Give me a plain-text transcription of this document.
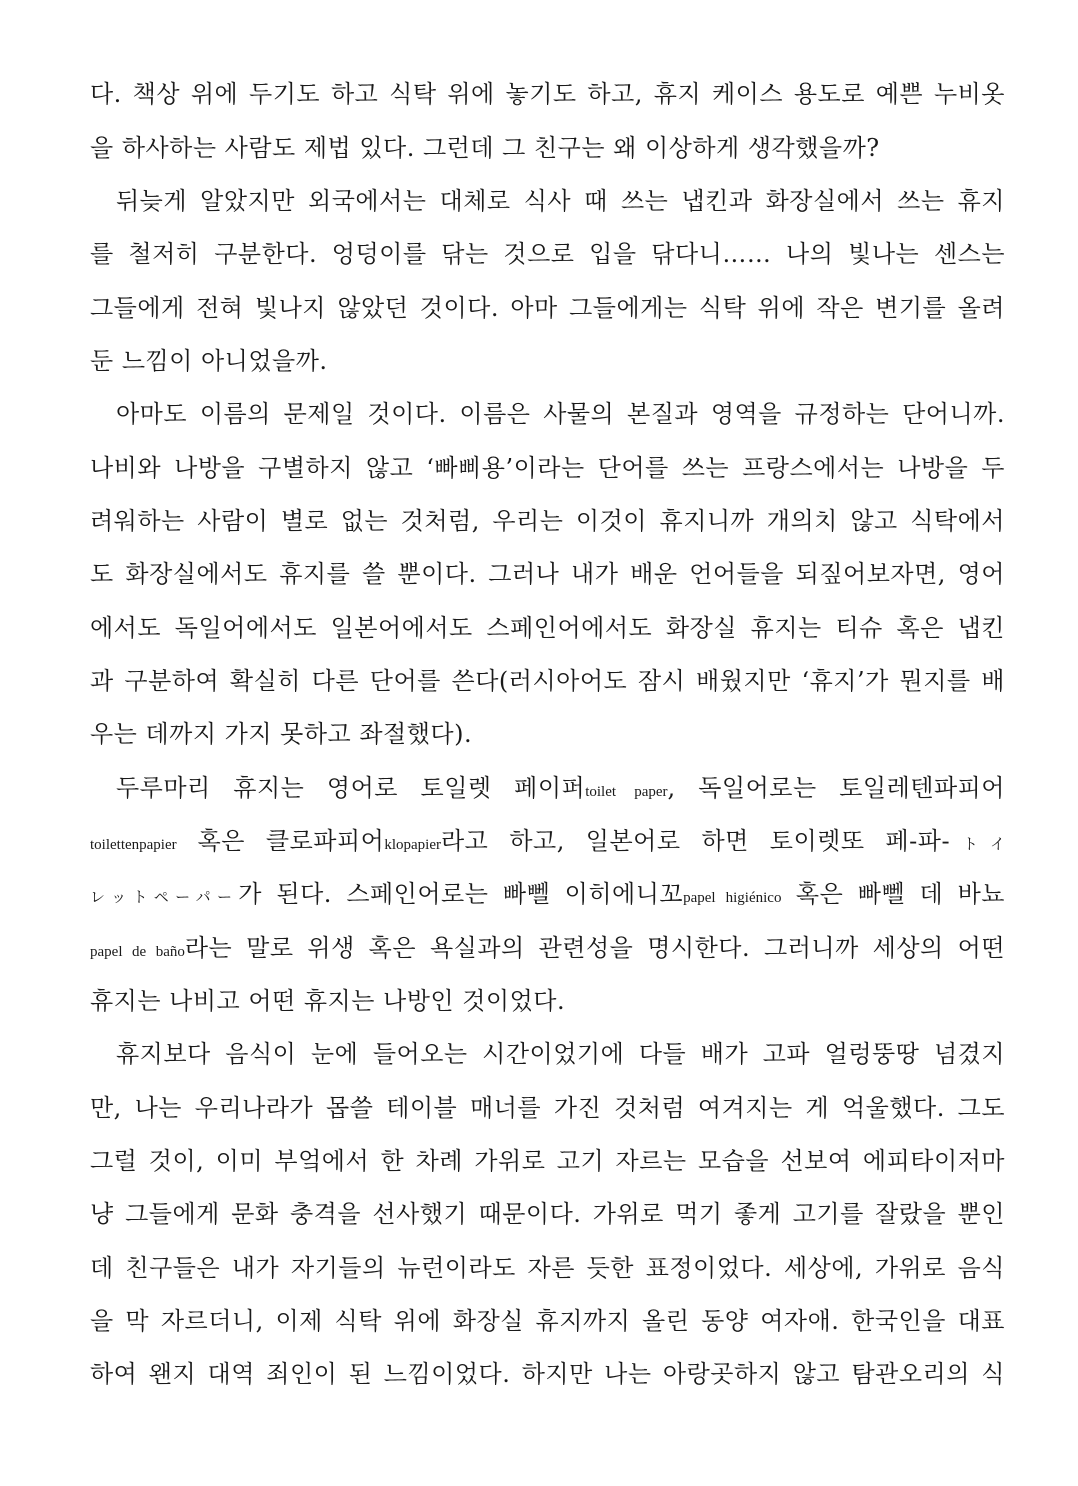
다. 책상 위에 두기도 하고 식탁 위에 놓기도 하고, 휴지 케이스 용도로 예쁜 누비옷
을 하사하는 사람도 제법 있다. 그런데 그 친구는 왜 이상하게 생각했을까?
뒤늦게 알았지만 외국에서는 대체로 식사 때 쓰는 냅킨과 화장실에서 쓰는 휴지
를 철저히 구분한다. 엉덩이를 닦는 것으로 입을 닦다니…… 나의 빛나는 센스는
그들에게 전혀 빛나지 않았던 것이다. 아마 그들에게는 식탁 위에 작은 변기를 올려
둔 느낌이 아니었을까.
아마도 이름의 문제일 것이다. 이름은 사물의 본질과 영역을 규정하는 단어니까.
나비와 나방을 구별하지 않고 ‘빠삐용’이라는 단어를 쓰는 프랑스에서는 나방을 두
려워하는 사람이 별로 없는 것처럼, 우리는 이것이 휴지니까 개의치 않고 식탁에서
도 화장실에서도 휴지를 쓸 뿐이다. 그러나 내가 배운 언어들을 되짚어보자면, 영어
에서도 독일어에서도 일본어에서도 스페인어에서도 화장실 휴지는 티슈 혹은 냅킨
과 구분하여 확실히 다른 단어를 쓴다(러시아어도 잠시 배웠지만 ‘휴지’가 뭔지를 배
우는 데까지 가지 못하고 좌절했다).
두루마리 휴지는 영어로 토일렛 페이퍼toilet paper, 독일어로는 토일레텐파피어
toilettenpapier 혹은 클로파피어klopapier라고 하고, 일본어로 하면 토이렛또 페-파-トイ
レットペーパー가 된다. 스페인어로는 빠뻴 이히에니꼬papel higiénico 혹은 빠뻴 데 바뇨
papel de baño라는 말로 위생 혹은 욕실과의 관련성을 명시한다. 그러니까 세상의 어떤
휴지는 나비고 어떤 휴지는 나방인 것이었다.
휴지보다 음식이 눈에 들어오는 시간이었기에 다들 배가 고파 얼렁뚱땅 넘겼지
만, 나는 우리나라가 몹쓸 테이블 매너를 가진 것처럼 여겨지는 게 억울했다. 그도
그럴 것이, 이미 부엌에서 한 차례 가위로 고기 자르는 모습을 선보여 에피타이저마
냥 그들에게 문화 충격을 선사했기 때문이다. 가위로 먹기 좋게 고기를 잘랐을 뿐인
데 친구들은 내가 자기들의 뉴런이라도 자른 듯한 표정이었다. 세상에, 가위로 음식
을 막 자르더니, 이제 식탁 위에 화장실 휴지까지 올린 동양 여자애. 한국인을 대표
하여 왠지 대역 죄인이 된 느낌이었다. 하지만 나는 아랑곳하지 않고 탐관오리의 식
